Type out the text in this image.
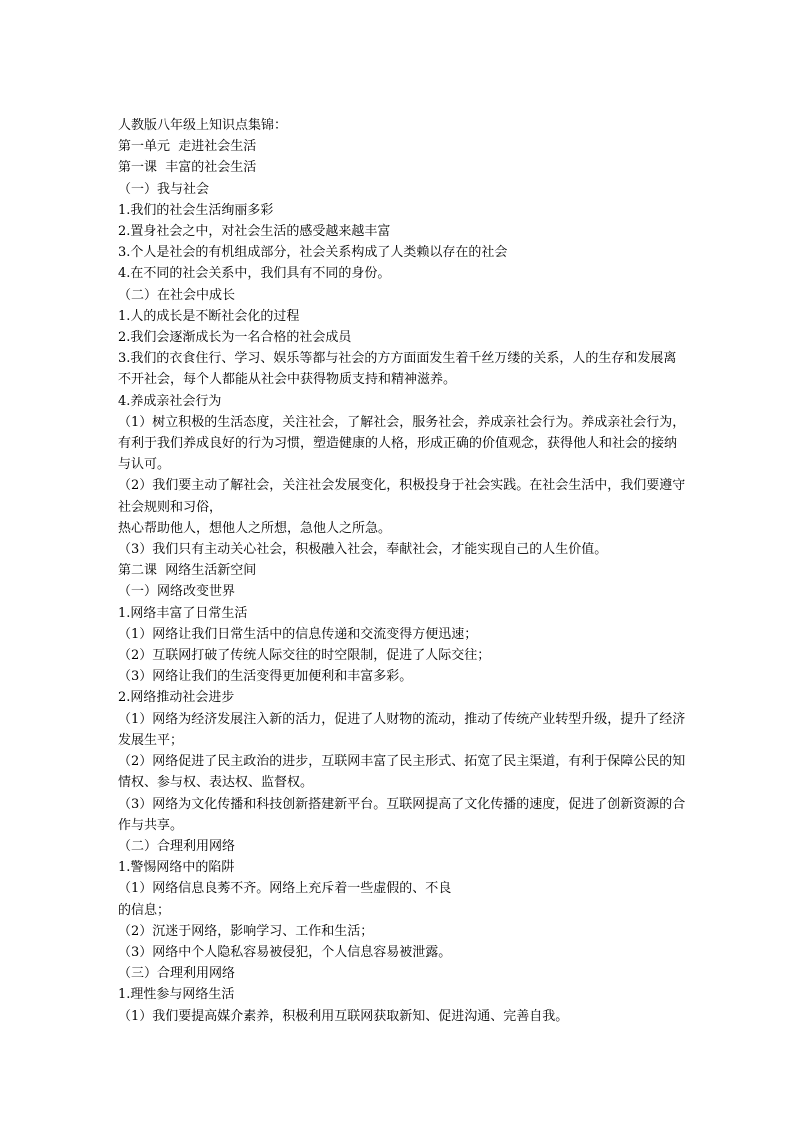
人教版八年级上知识点集锦：

第一单元  走进社会生活

第一课  丰富的社会生活

（一）我与社会

1.我们的社会生活绚丽多彩

2.置身社会之中，对社会生活的感受越来越丰富

3.个人是社会的有机组成部分，社会关系构成了人类赖以存在的社会

4.在不同的社会关系中，我们具有不同的身份。

（二）在社会中成长

1.人的成长是不断社会化的过程

2.我们会逐渐成长为一名合格的社会成员

3.我们的衣食住行、学习、娱乐等都与社会的方方面面发生着千丝万缕的关系，人的生存和发展离不开社会，每个人都能从社会中获得物质支持和精神滋养。

4.养成亲社会行为

（1）树立积极的生活态度，关注社会，了解社会，服务社会，养成亲社会行为。养成亲社会行为，有利于我们养成良好的行为习惯，塑造健康的人格，形成正确的价值观念，获得他人和社会的接纳与认可。

（2）我们要主动了解社会，关注社会发展变化，积极投身于社会实践。在社会生活中，我们要遵守社会规则和习俗，

热心帮助他人，想他人之所想，急他人之所急。

（3）我们只有主动关心社会，积极融入社会，奉献社会，才能实现自己的人生价值。

第二课  网络生活新空间

（一）网络改变世界

1.网络丰富了日常生活

（1）网络让我们日常生活中的信息传递和交流变得方便迅速；

（2）互联网打破了传统人际交往的时空限制，促进了人际交往；

（3）网络让我们的生活变得更加便利和丰富多彩。

2.网络推动社会进步

（1）网络为经济发展注入新的活力，促进了人财物的流动，推动了传统产业转型升级，提升了经济发展生平；

（2）网络促进了民主政治的进步，互联网丰富了民主形式、拓宽了民主渠道，有利于保障公民的知情权、参与权、表达权、监督权。

（3）网络为文化传播和科技创新搭建新平台。互联网提高了文化传播的速度，促进了创新资源的合作与共享。

（二）合理利用网络

1.警惕网络中的陷阱

（1）网络信息良莠不齐。网络上充斥着一些虚假的、不良

的信息；

（2）沉迷于网络，影响学习、工作和生活；

（3）网络中个人隐私容易被侵犯，个人信息容易被泄露。

（三）合理利用网络

1.理性参与网络生活

（1）我们要提高媒介素养，积极利用互联网获取新知、促进沟通、完善自我。
